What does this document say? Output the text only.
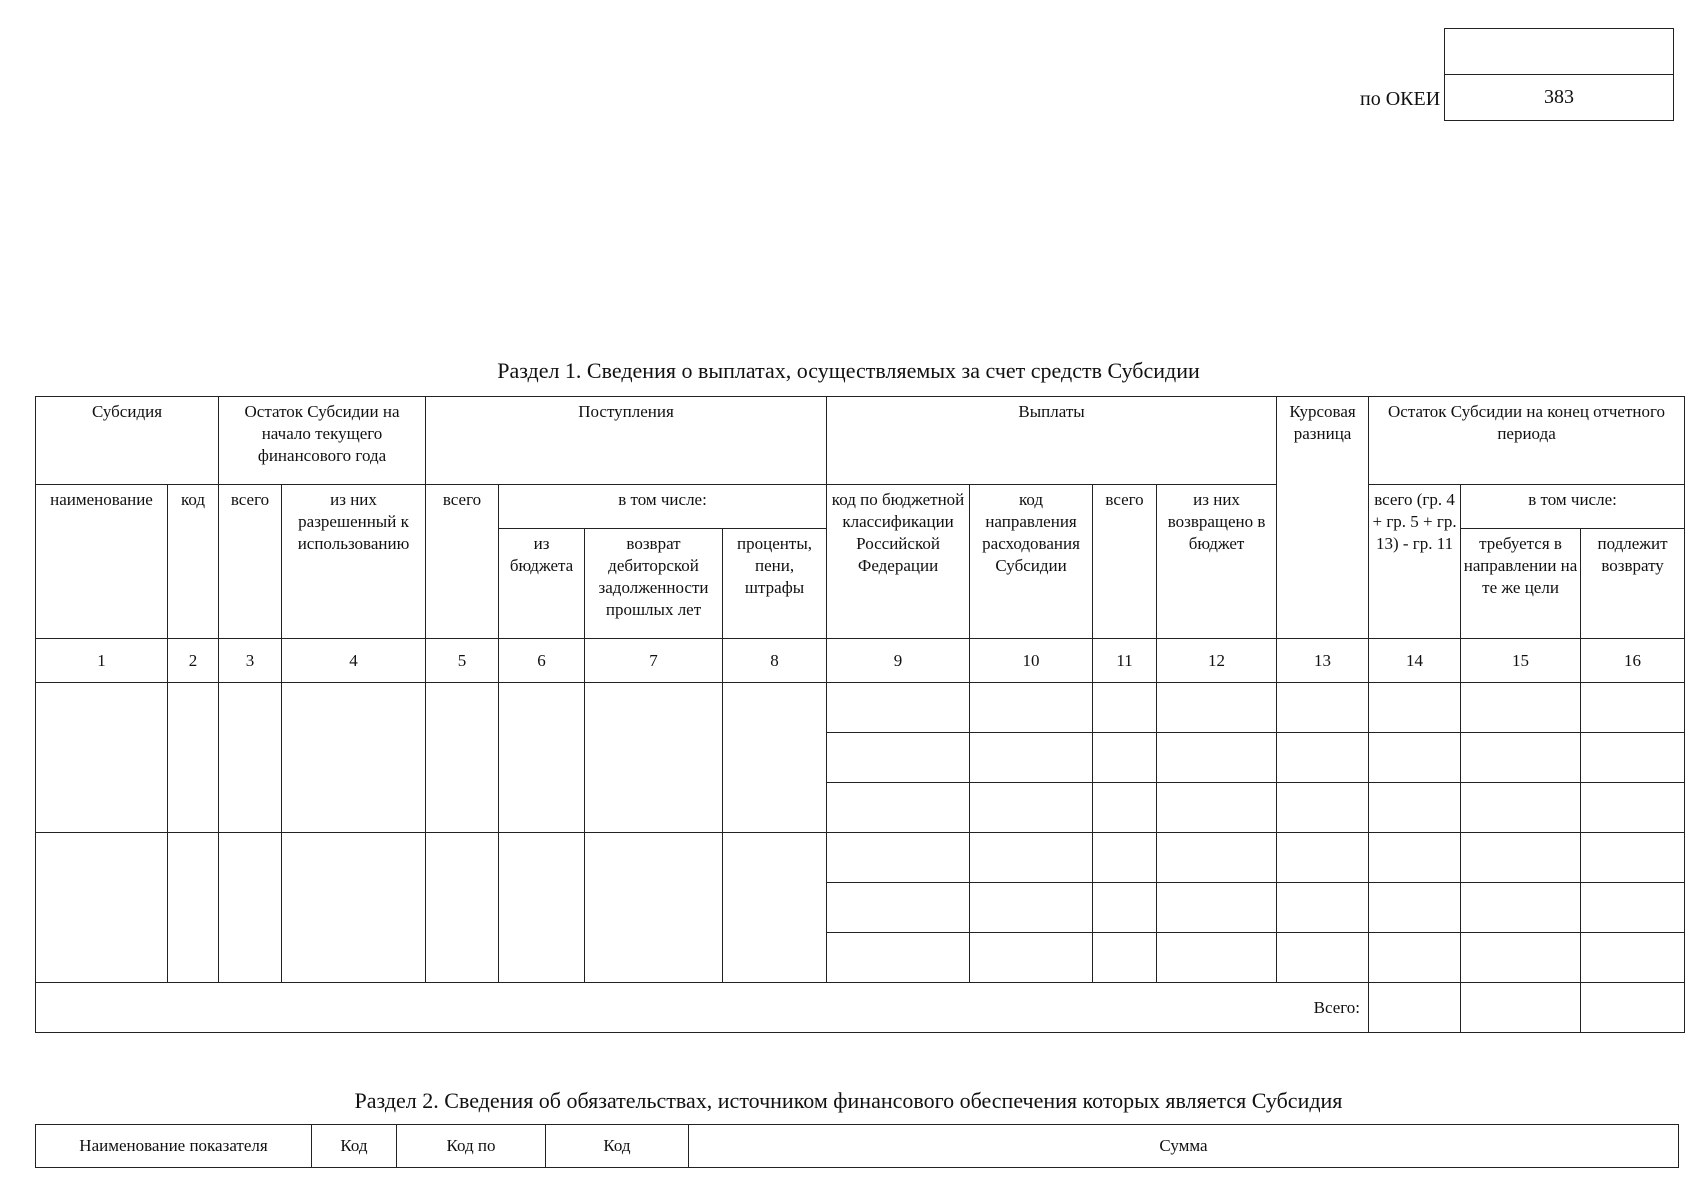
по ОКЕИ	383
Раздел 1. Сведения о выплатах, осуществляемых за счет средств Субсидии
Субсидия		Остаток Субсидии на начало текущего финансового года		Поступления				Выплаты				Курсовая разница	Остаток Субсидии на конец отчетного периода		
наименование	код	всего	из них разрешенный к использованию	всего	в том числе:			код по бюджетной классификации Российской Федерации	код направления расходования Субсидии	всего	из них возвращено в бюджет		всего (гр. 4 + гр. 5 + гр. 13) - гр. 11	в том числе:	
					из бюджета	возврат дебиторской задолженности прошлых лет	проценты, пени, штрафы							требуется в направлении на те же цели	подлежит возврату
1	2	3	4	5	6	7	8	9	10	11	12	13	14	15	16

Всего:															
Раздел 2. Сведения об обязательствах, источником финансового обеспечения которых является Субсидия
Наименование показателя	Код	Код по	Код	Сумма
